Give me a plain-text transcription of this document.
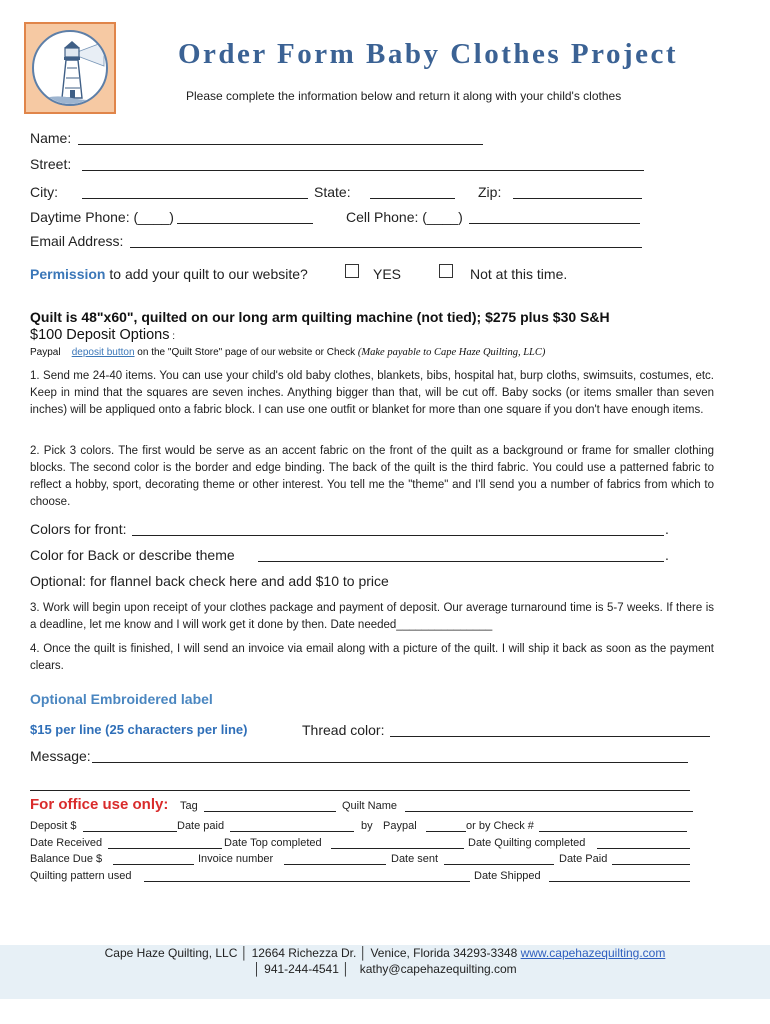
Order Form Baby Clothes Project
Please complete the information below and return it along with your child's clothes
Name:
Street:
City:	State:	Zip:
Daytime Phone: (____)	Cell Phone: (____)
Email Address:
Permission to add your quilt to our website?	YES	Not at this time.
Quilt is 48"x60", quilted on our long arm quilting machine (not tied); $275 plus $30 S&H
$100 Deposit Options :
Paypal deposit button on the "Quilt Store" page of our website or Check (Make payable to Cape Haze Quilting, LLC)
1. Send me 24-40 items. You can use your child's old baby clothes, blankets, bibs, hospital hat, burp cloths, swimsuits, costumes, etc. Keep in mind that the squares are seven inches. Anything bigger than that, will be cut off. Baby socks (or items smaller than seven inches) will be appliqued onto a fabric block. I can use one outfit or blanket for more than one square if you don't have enough items.
2. Pick 3 colors. The first would be serve as an accent fabric on the front of the quilt as a background or frame for smaller clothing blocks. The second color is the border and edge binding. The back of the quilt is the third fabric. You could use a patterned fabric to reflect a hobby, sport, decorating theme or other interest. You tell me the "theme" and I'll send you a number of fabrics from which to choose.
Colors for front:	.
Color for Back or describe theme	.
Optional: for flannel back check here and add $10 to price
3. Work will begin upon receipt of your clothes package and payment of deposit. Our average turnaround time is 5-7 weeks. If there is a deadline, let me know and I will work get it done by then. Date needed_______________
4. Once the quilt is finished, I will send an invoice via email along with a picture of the quilt. I will ship it back as soon as the payment clears.
Optional Embroidered label
$15 per line (25 characters per line)	Thread color:
Message:
For office use only: Tag	Quilt Name
Deposit $	Date paid	by Paypal	or by Check #
Date Received	Date Top completed	Date Quilting completed
Balance Due $	Invoice number	Date sent	Date Paid
Quilting pattern used	Date Shipped
Cape Haze Quilting, LLC │ 12664 Richezza Dr. │ Venice, Florida 34293-3348 www.capehazequilting.com
│ 941-244-4541 │   kathy@capehazequilting.com
